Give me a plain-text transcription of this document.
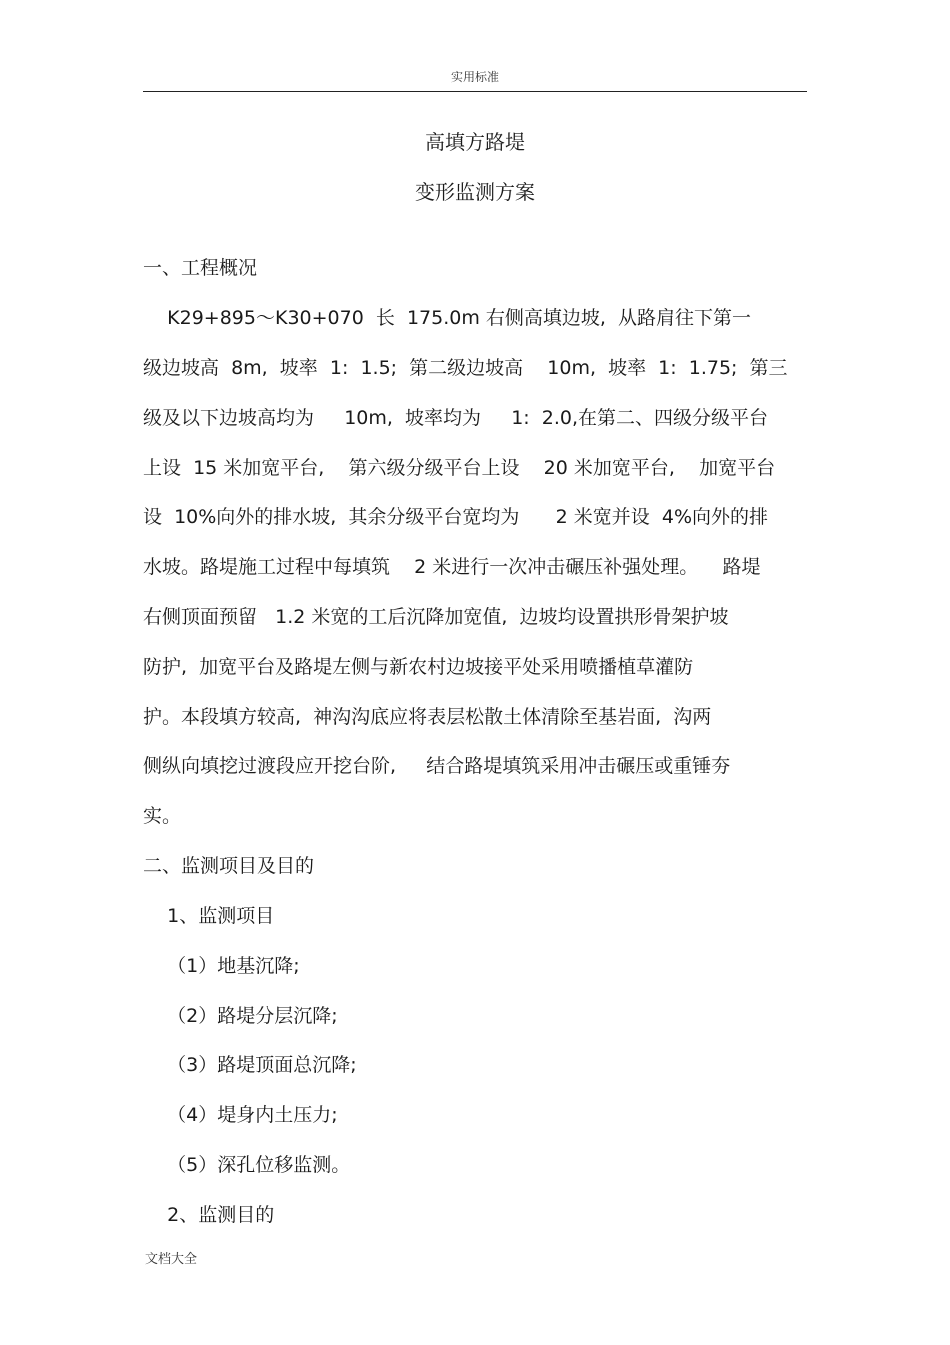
实用标准
高填方路堤
变形监测方案
一、工程概况
K29+895～K30+070  长  175.0m 右侧高填边坡,  从路肩往下第一
级边坡高  8m,  坡率  1:  1.5;  第二级边坡高    10m,  坡率  1:  1.75;  第三
级及以下边坡高均为     10m,  坡率均为     1:  2.0,在第二、四级分级平台
上设  15 米加宽平台,    第六级分级平台上设    20 米加宽平台,    加宽平台
设  10%向外的排水坡,  其余分级平台宽均为      2 米宽并设  4%向外的排
水坡。路堤施工过程中每填筑    2 米进行一次冲击碾压补强处理。    路堤
右侧顶面预留   1.2 米宽的工后沉降加宽值,  边坡均设置拱形骨架护坡
防护,  加宽平台及路堤左侧与新农村边坡接平处采用喷播植草灌防
护。本段填方较高,  神沟沟底应将表层松散土体清除至基岩面,  沟两
侧纵向填挖过渡段应开挖台阶,     结合路堤填筑采用冲击碾压或重锤夯
实。
二、监测项目及目的
1、监测项目
（1）地基沉降;
（2）路堤分层沉降;
（3）路堤顶面总沉降;
（4）堤身内土压力;
（5）深孔位移监测。
2、监测目的
文档大全
